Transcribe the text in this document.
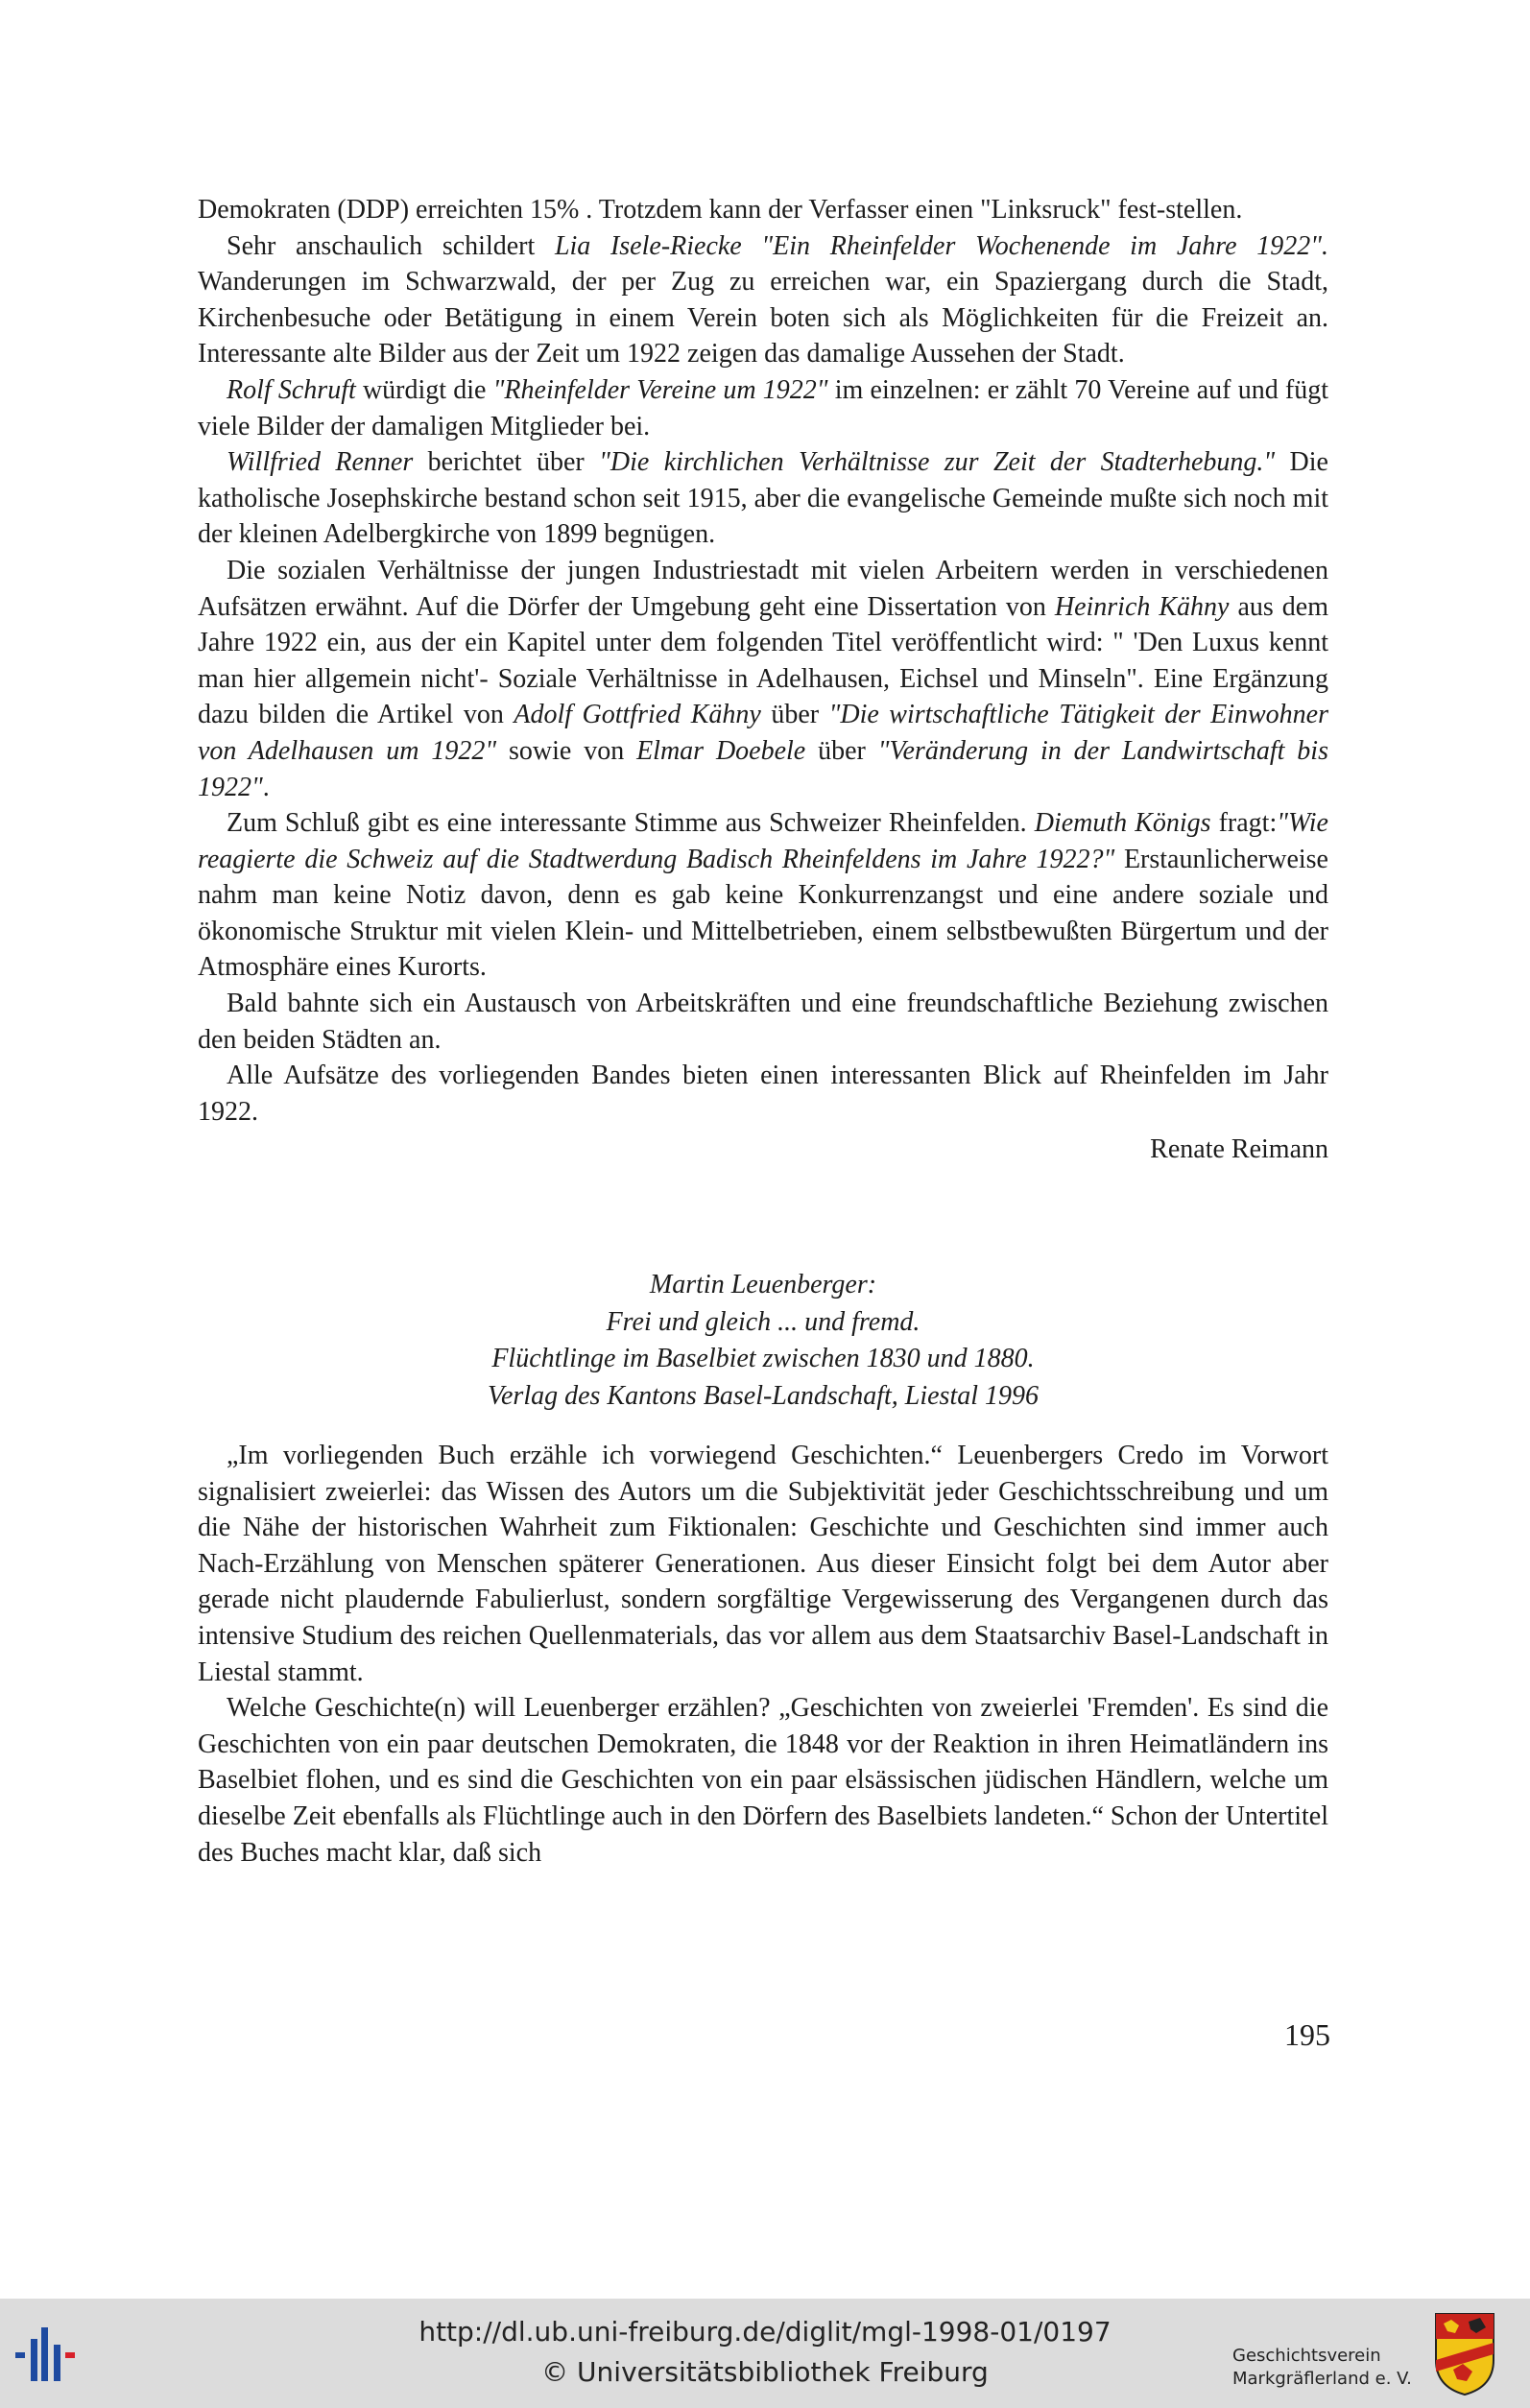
Demokraten (DDP) erreichten 15% . Trotzdem kann der Verfasser einen "Linksruck" fest-stellen.

Sehr anschaulich schildert Lia Isele-Riecke "Ein Rheinfelder Wochenende im Jahre 1922". Wanderungen im Schwarzwald, der per Zug zu erreichen war, ein Spaziergang durch die Stadt, Kirchenbesuche oder Betätigung in einem Verein boten sich als Möglichkeiten für die Freizeit an. Interessante alte Bilder aus der Zeit um 1922 zeigen das damalige Aussehen der Stadt.

Rolf Schruft würdigt die "Rheinfelder Vereine um 1922" im einzelnen: er zählt 70 Vereine auf und fügt viele Bilder der damaligen Mitglieder bei.

Willfried Renner berichtet über "Die kirchlichen Verhältnisse zur Zeit der Stadterhebung." Die katholische Josephskirche bestand schon seit 1915, aber die evangelische Gemeinde mußte sich noch mit der kleinen Adelbergkirche von 1899 begnügen.

Die sozialen Verhältnisse der jungen Industriestadt mit vielen Arbeitern werden in verschiedenen Aufsätzen erwähnt. Auf die Dörfer der Umgebung geht eine Dissertation von Heinrich Kähny aus dem Jahre 1922 ein, aus der ein Kapitel unter dem folgenden Titel veröffentlicht wird: " 'Den Luxus kennt man hier allgemein nicht'- Soziale Verhältnisse in Adelhausen, Eichsel und Minseln". Eine Ergänzung dazu bilden die Artikel von Adolf Gottfried Kähny über "Die wirtschaftliche Tätigkeit der Einwohner von Adelhausen um 1922" sowie von Elmar Doebele über "Veränderung in der Landwirtschaft bis 1922".

Zum Schluß gibt es eine interessante Stimme aus Schweizer Rheinfelden. Diemuth Königs fragt:"Wie reagierte die Schweiz auf die Stadtwerdung Badisch Rheinfeldens im Jahre 1922?" Erstaunlicherweise nahm man keine Notiz davon, denn es gab keine Konkurrenzangst und eine andere soziale und ökonomische Struktur mit vielen Klein- und Mittelbetrieben, einem selbstbewußten Bürgertum und der Atmosphäre eines Kurorts.

Bald bahnte sich ein Austausch von Arbeitskräften und eine freundschaftliche Beziehung zwischen den beiden Städten an.

Alle Aufsätze des vorliegenden Bandes bieten einen interessanten Blick auf Rheinfelden im Jahr 1922.

Renate Reimann

Martin Leuenberger:
Frei und gleich ... und fremd.
Flüchtlinge im Baselbiet zwischen 1830 und 1880.
Verlag des Kantons Basel-Landschaft, Liestal 1996

„Im vorliegenden Buch erzähle ich vorwiegend Geschichten.“ Leuenbergers Credo im Vorwort signalisiert zweierlei: das Wissen des Autors um die Subjektivität jeder Geschichtsschreibung und um die Nähe der historischen Wahrheit zum Fiktionalen: Geschichte und Geschichten sind immer auch Nach-Erzählung von Menschen späterer Generationen. Aus dieser Einsicht folgt bei dem Autor aber gerade nicht plaudernde Fabulierlust, sondern sorgfältige Vergewisserung des Vergangenen durch das intensive Studium des reichen Quellenmaterials, das vor allem aus dem Staatsarchiv Basel-Landschaft in Liestal stammt.

Welche Geschichte(n) will Leuenberger erzählen? „Geschichten von zweierlei 'Fremden'. Es sind die Geschichten von ein paar deutschen Demokraten, die 1848 vor der Reaktion in ihren Heimatländern ins Baselbiet flohen, und es sind die Geschichten von ein paar elsässischen jüdischen Händlern, welche um dieselbe Zeit ebenfalls als Flüchtlinge auch in den Dörfern des Baselbiets landeten.“ Schon der Untertitel des Buches macht klar, daß sich

195
http://dl.ub.uni-freiburg.de/diglit/mgl-1998-01/0197
© Universitätsbibliothek Freiburg
Geschichtsverein
Markgräflerland e. V.
